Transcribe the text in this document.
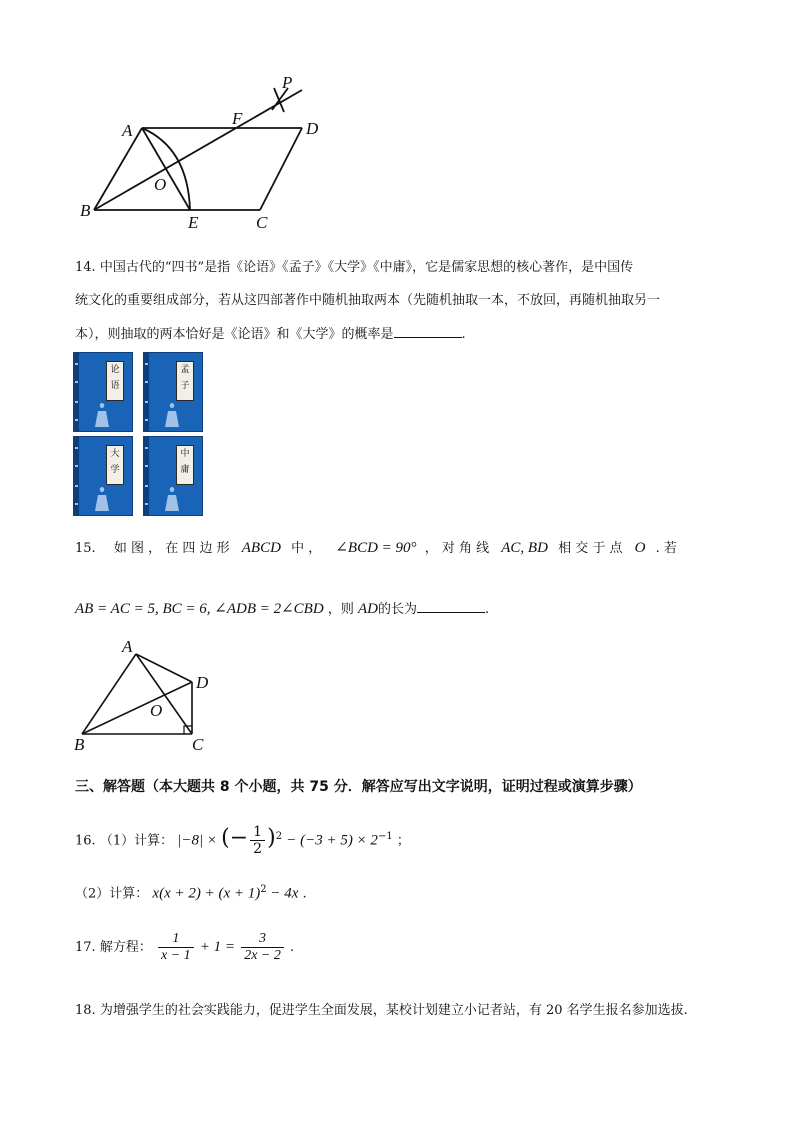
A	D
C
B
E
F
O
P
14. 中国古代的“四书”是指《论语》《孟子》《大学》《中庸》，它是儒家思想的核心著作，是中国传
统文化的重要组成部分，若从这四部著作中随机抽取两本（先随机抽取一本，不放回，再随机抽取另一
本），则抽取的两本恰好是《论语》和《大学》的概率是	.
论
语
孟
子
大
学
中
庸
15. 如 图 ， 在 四 边 形 ABCD 中 ， ∠BCD = 90° ， 对 角 线 AC, BD 相 交 于 点 O . 若
AB = AC = 5, BC = 6, ∠ADB = 2∠CBD ，则 AD的长为	.
A
D
B	C
O
三、解答题（本大题共 8 个小题，共 75 分．解答应写出文字说明，证明过程或演算步骤）
16. （1）计算： |−8| × (− $\frac{1}{2} )^2 - (-3 + 5) \times 2^{-1}$ ；
（2）计算： $x(x + 2) + (x + 1)^2 - 4x$ .
17. 解方程： $\frac{1}{x - 1} + 1 = \frac{3}{2x - 2}$ .
18. 为增强学生的社会实践能力，促进学生全面发展，某校计划建立小记者站，有 20 名学生报名参加选拔.
